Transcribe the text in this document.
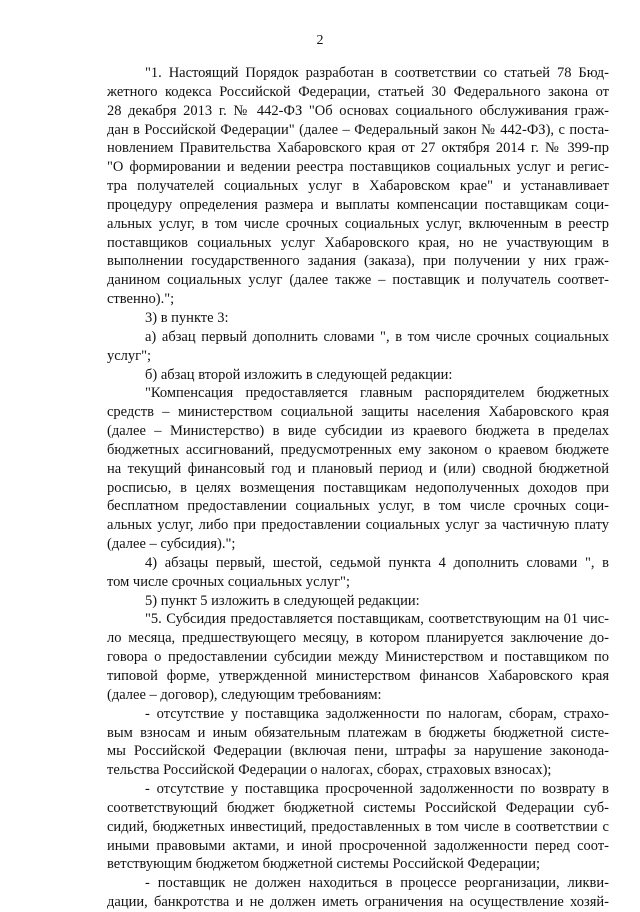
2
"1. Настоящий Порядок разработан в соответствии со статьей 78 Бюд-
жетного кодекса Российской Федерации, статьей 30 Федерального закона от
28 декабря 2013 г. № 442-ФЗ "Об основах социального обслуживания граж-
дан в Российской Федерации" (далее – Федеральный закон № 442-ФЗ), с поста-
новлением Правительства Хабаровского края от 27 октября 2014 г. № 399-пр
"О формировании и ведении реестра поставщиков социальных услуг и регис-
тра получателей социальных услуг в Хабаровском крае" и устанавливает
процедуру определения размера и выплаты компенсации поставщикам соци-
альных услуг, в том числе срочных социальных услуг, включенным в реестр
поставщиков социальных услуг Хабаровского края, но не участвующим в
выполнении государственного задания (заказа), при получении у них граж-
данином социальных услуг (далее также – поставщик и получатель соответ-
ственно).";
3) в пункте 3:
а) абзац первый дополнить словами ", в том числе срочных социальных
услуг";
б) абзац второй изложить в следующей редакции:
"Компенсация предоставляется главным распорядителем бюджетных
средств – министерством социальной защиты населения Хабаровского края
(далее – Министерство) в виде субсидии из краевого бюджета в пределах
бюджетных ассигнований, предусмотренных ему законом о краевом бюджете
на текущий финансовый год и плановый период и (или) сводной бюджетной
росписью, в целях возмещения поставщикам недополученных доходов при
бесплатном предоставлении социальных услуг, в том числе срочных соци-
альных услуг, либо при предоставлении социальных услуг за частичную плату
(далее – субсидия).";
4) абзацы первый, шестой, седьмой пункта 4 дополнить словами ", в
том числе срочных социальных услуг";
5) пункт 5 изложить в следующей редакции:
"5. Субсидия предоставляется поставщикам, соответствующим на 01 чис-
ло месяца, предшествующего месяцу, в котором планируется заключение до-
говора о предоставлении субсидии между Министерством и поставщиком по
типовой форме, утвержденной министерством финансов Хабаровского края
(далее – договор), следующим требованиям:
- отсутствие у поставщика задолженности по налогам, сборам, страхо-
вым взносам и иным обязательным платежам в бюджеты бюджетной систе-
мы Российской Федерации (включая пени, штрафы за нарушение законода-
тельства Российской Федерации о налогах, сборах, страховых взносах);
- отсутствие у поставщика просроченной задолженности по возврату в
соответствующий бюджет бюджетной системы Российской Федерации суб-
сидий, бюджетных инвестиций, предоставленных в том числе в соответствии с
иными правовыми актами, и иной просроченной задолженности перед соот-
ветствующим бюджетом бюджетной системы Российской Федерации;
- поставщик не должен находиться в процессе реорганизации, ликви-
дации, банкротства и не должен иметь ограничения на осуществление хозяй-
